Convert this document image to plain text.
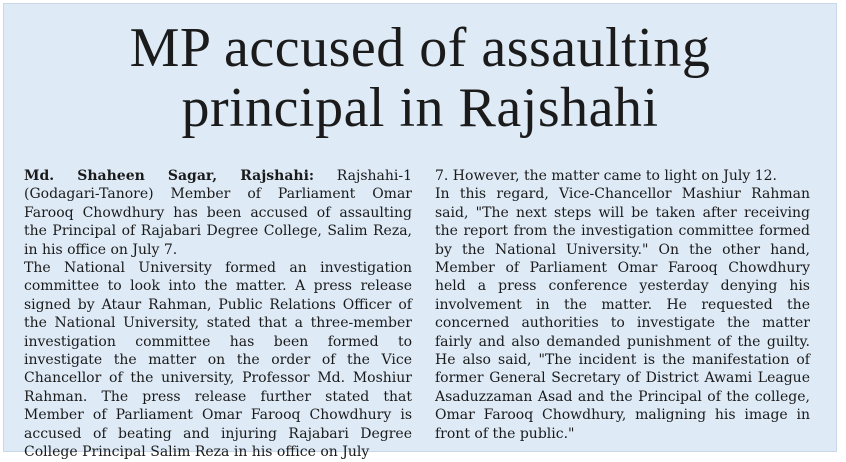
MP accused of assaulting
principal in Rajshahi

Md. Shaheen Sagar, Rajshahi: Rajshahi-1 (Godagari-Tanore) Member of Parliament Omar Farooq Chowdhury has been accused of assaulting the Principal of Rajabari Degree College, Salim Reza, in his office on July 7.

The National University formed an investigation committee to look into the matter. A press release signed by Ataur Rahman, Public Relations Officer of the National University, stated that a three-member investigation committee has been formed to investigate the matter on the order of the Vice Chancellor of the university, Professor Md. Moshiur Rahman. The press release further stated that Member of Parliament Omar Farooq Chowdhury is accused of beating and injuring Rajabari Degree College Principal Salim Reza in his office on July

7. However, the matter came to light on July 12.

In this regard, Vice-Chancellor Mashiur Rahman said, "The next steps will be taken after receiving the report from the investigation committee formed by the National University." On the other hand, Member of Parliament Omar Farooq Chowdhury held a press conference yesterday denying his involvement in the matter. He requested the concerned authorities to investigate the matter fairly and also demanded punishment of the guilty. He also said, "The incident is the manifestation of former General Secretary of District Awami League Asaduzzaman Asad and the Principal of the college, Omar Farooq Chowdhury, maligning his image in front of the public."
